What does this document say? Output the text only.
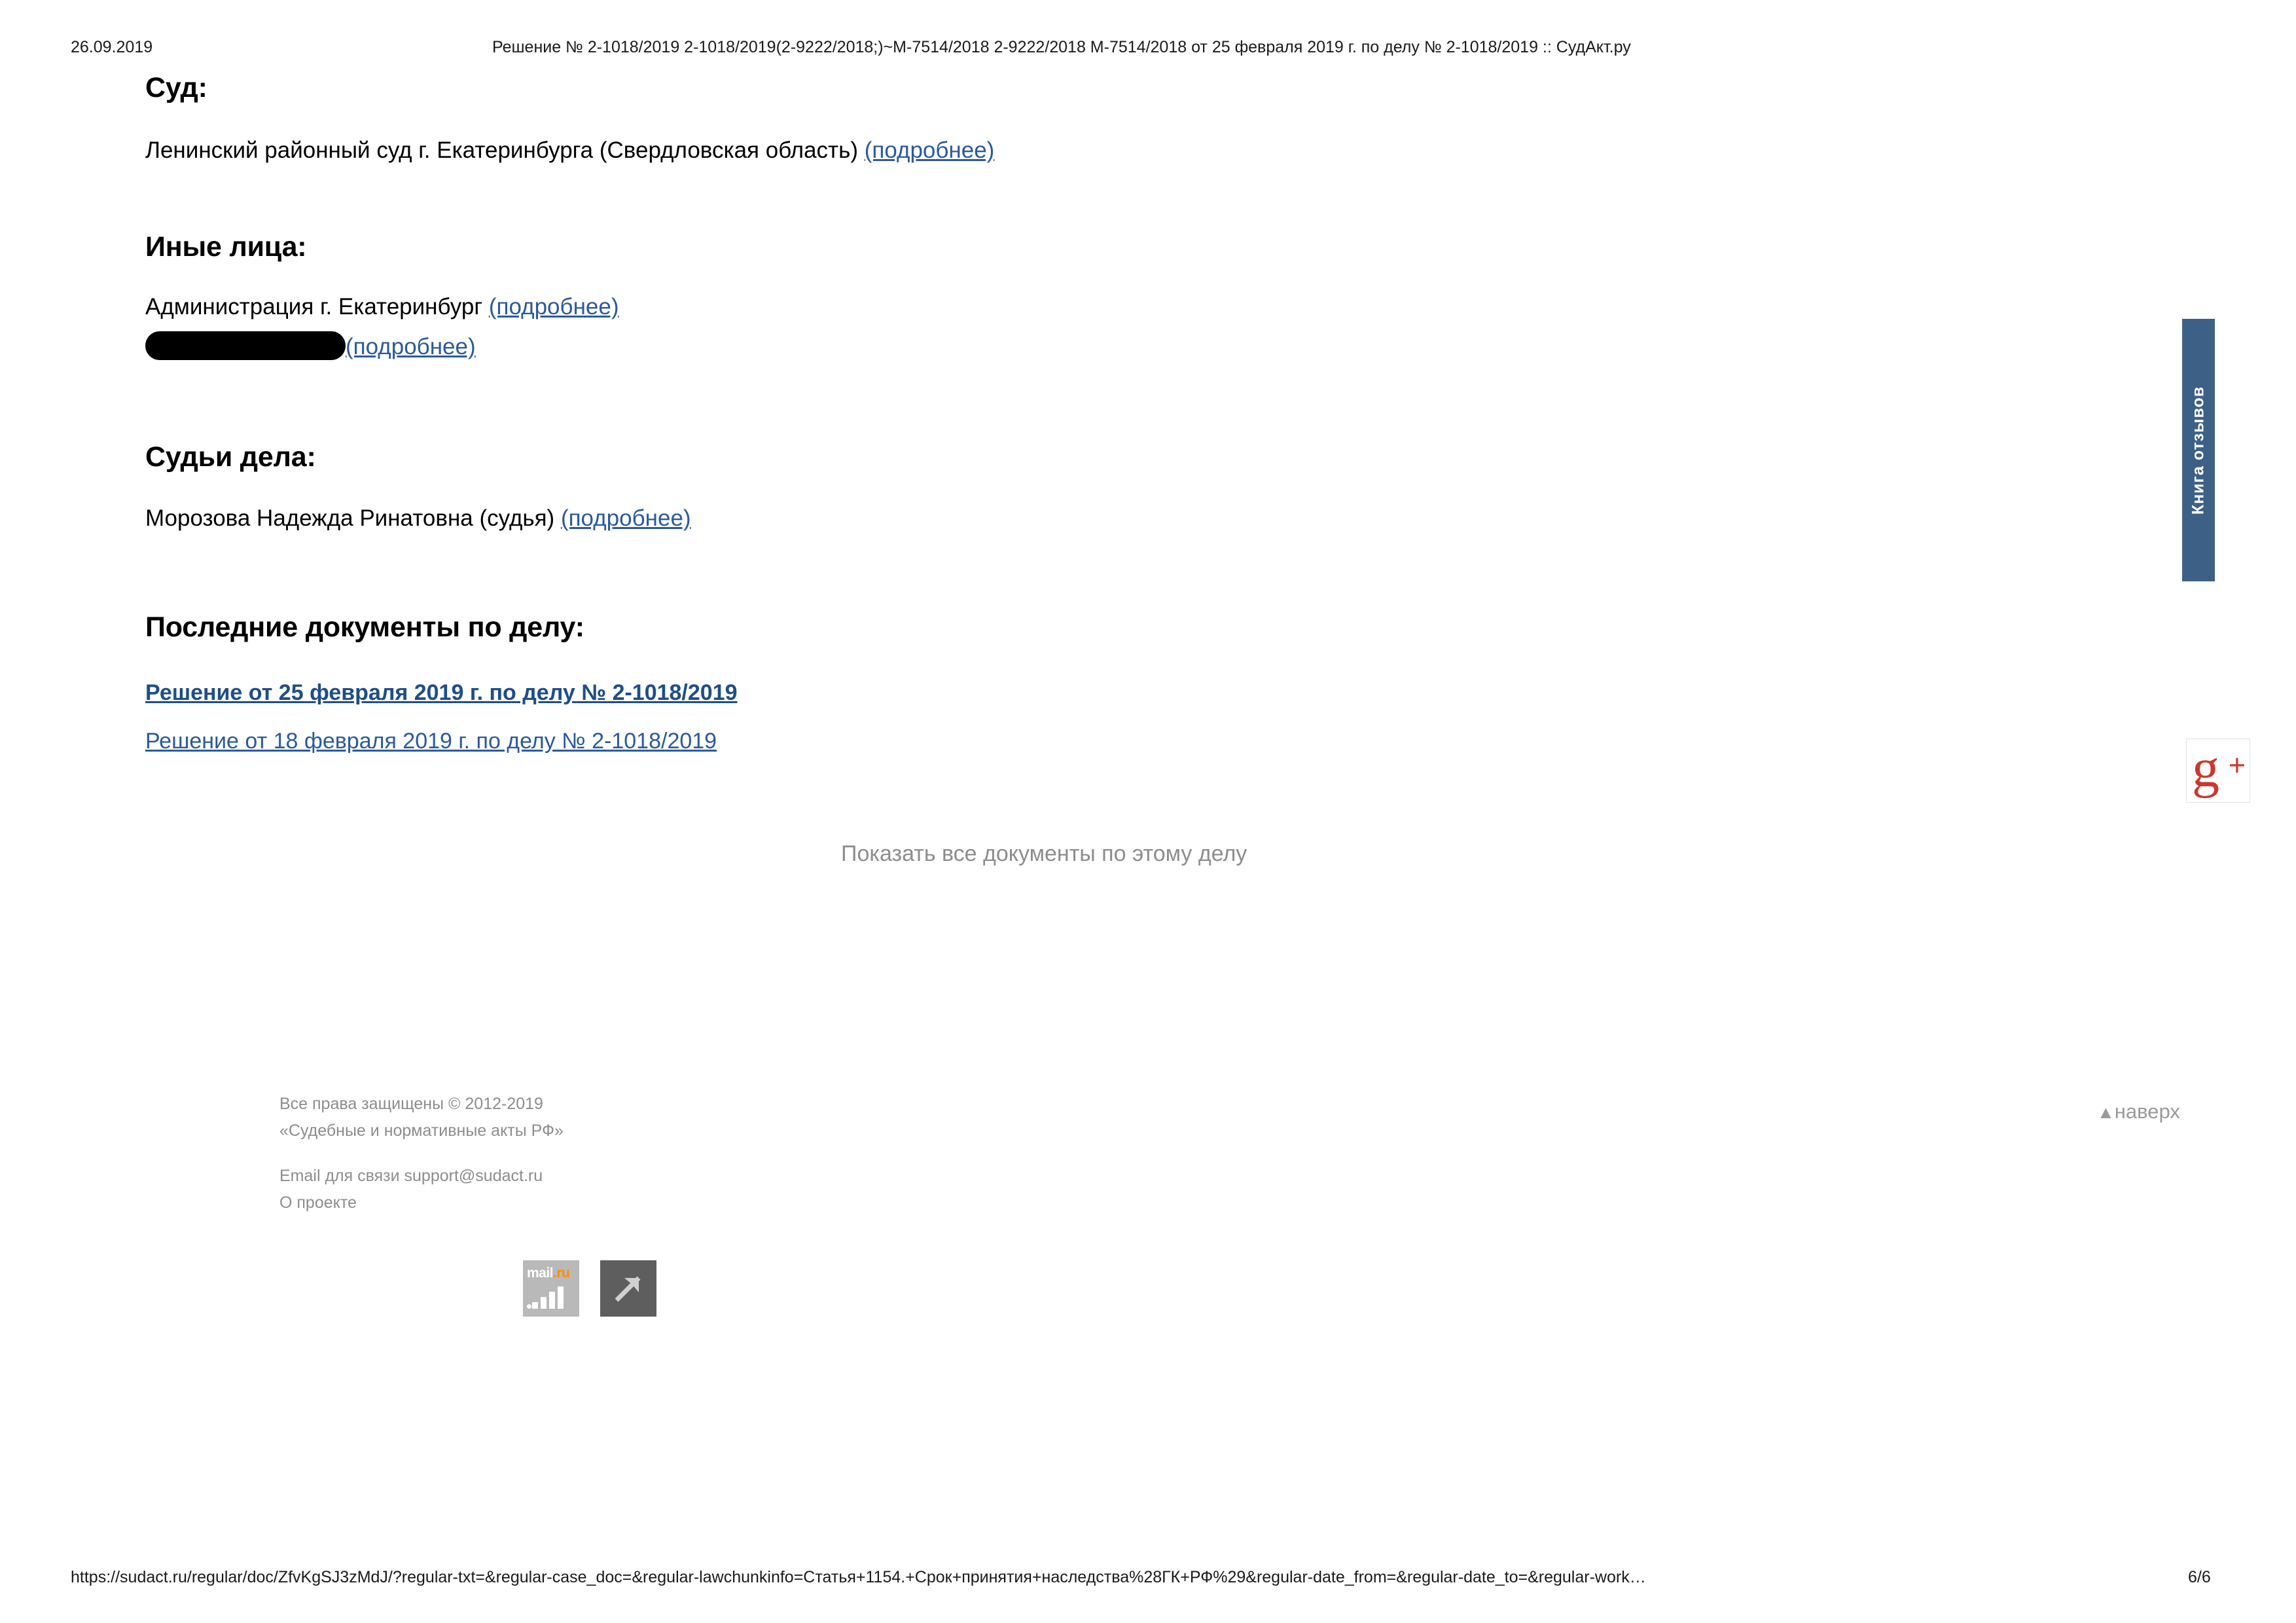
26.09.2019	Решение № 2-1018/2019 2-1018/2019(2-9222/2018;)~М-7514/2018 2-9222/2018 М-7514/2018 от 25 февраля 2019 г. по делу № 2-1018/2019 :: СудАкт.ру
Суд:
Ленинский районный суд г. Екатеринбурга (Свердловская область) (подробнее)
Иные лица:
Администрация г. Екатеринбург (подробнее)
(подробнее)
Судьи дела:
Морозова Надежда Ринатовна (судья) (подробнее)
Последние документы по делу:
Решение от 25 февраля 2019 г. по делу № 2-1018/2019
Решение от 18 февраля 2019 г. по делу № 2-1018/2019
Показать все документы по этому делу
Все права защищены © 2012-2019
«Судебные и нормативные акты РФ»
Email для связи support@sudact.ru
О проекте
mail.ru
▲наверх
Книга отзывов
g +
https://sudact.ru/regular/doc/ZfvKgSJ3zMdJ/?regular-txt=&regular-case_doc=&regular-lawchunkinfo=Статья+1154.+Срок+принятия+наследства%28ГК+РФ%29&regular-date_from=&regular-date_to=&regular-work…	6/6
